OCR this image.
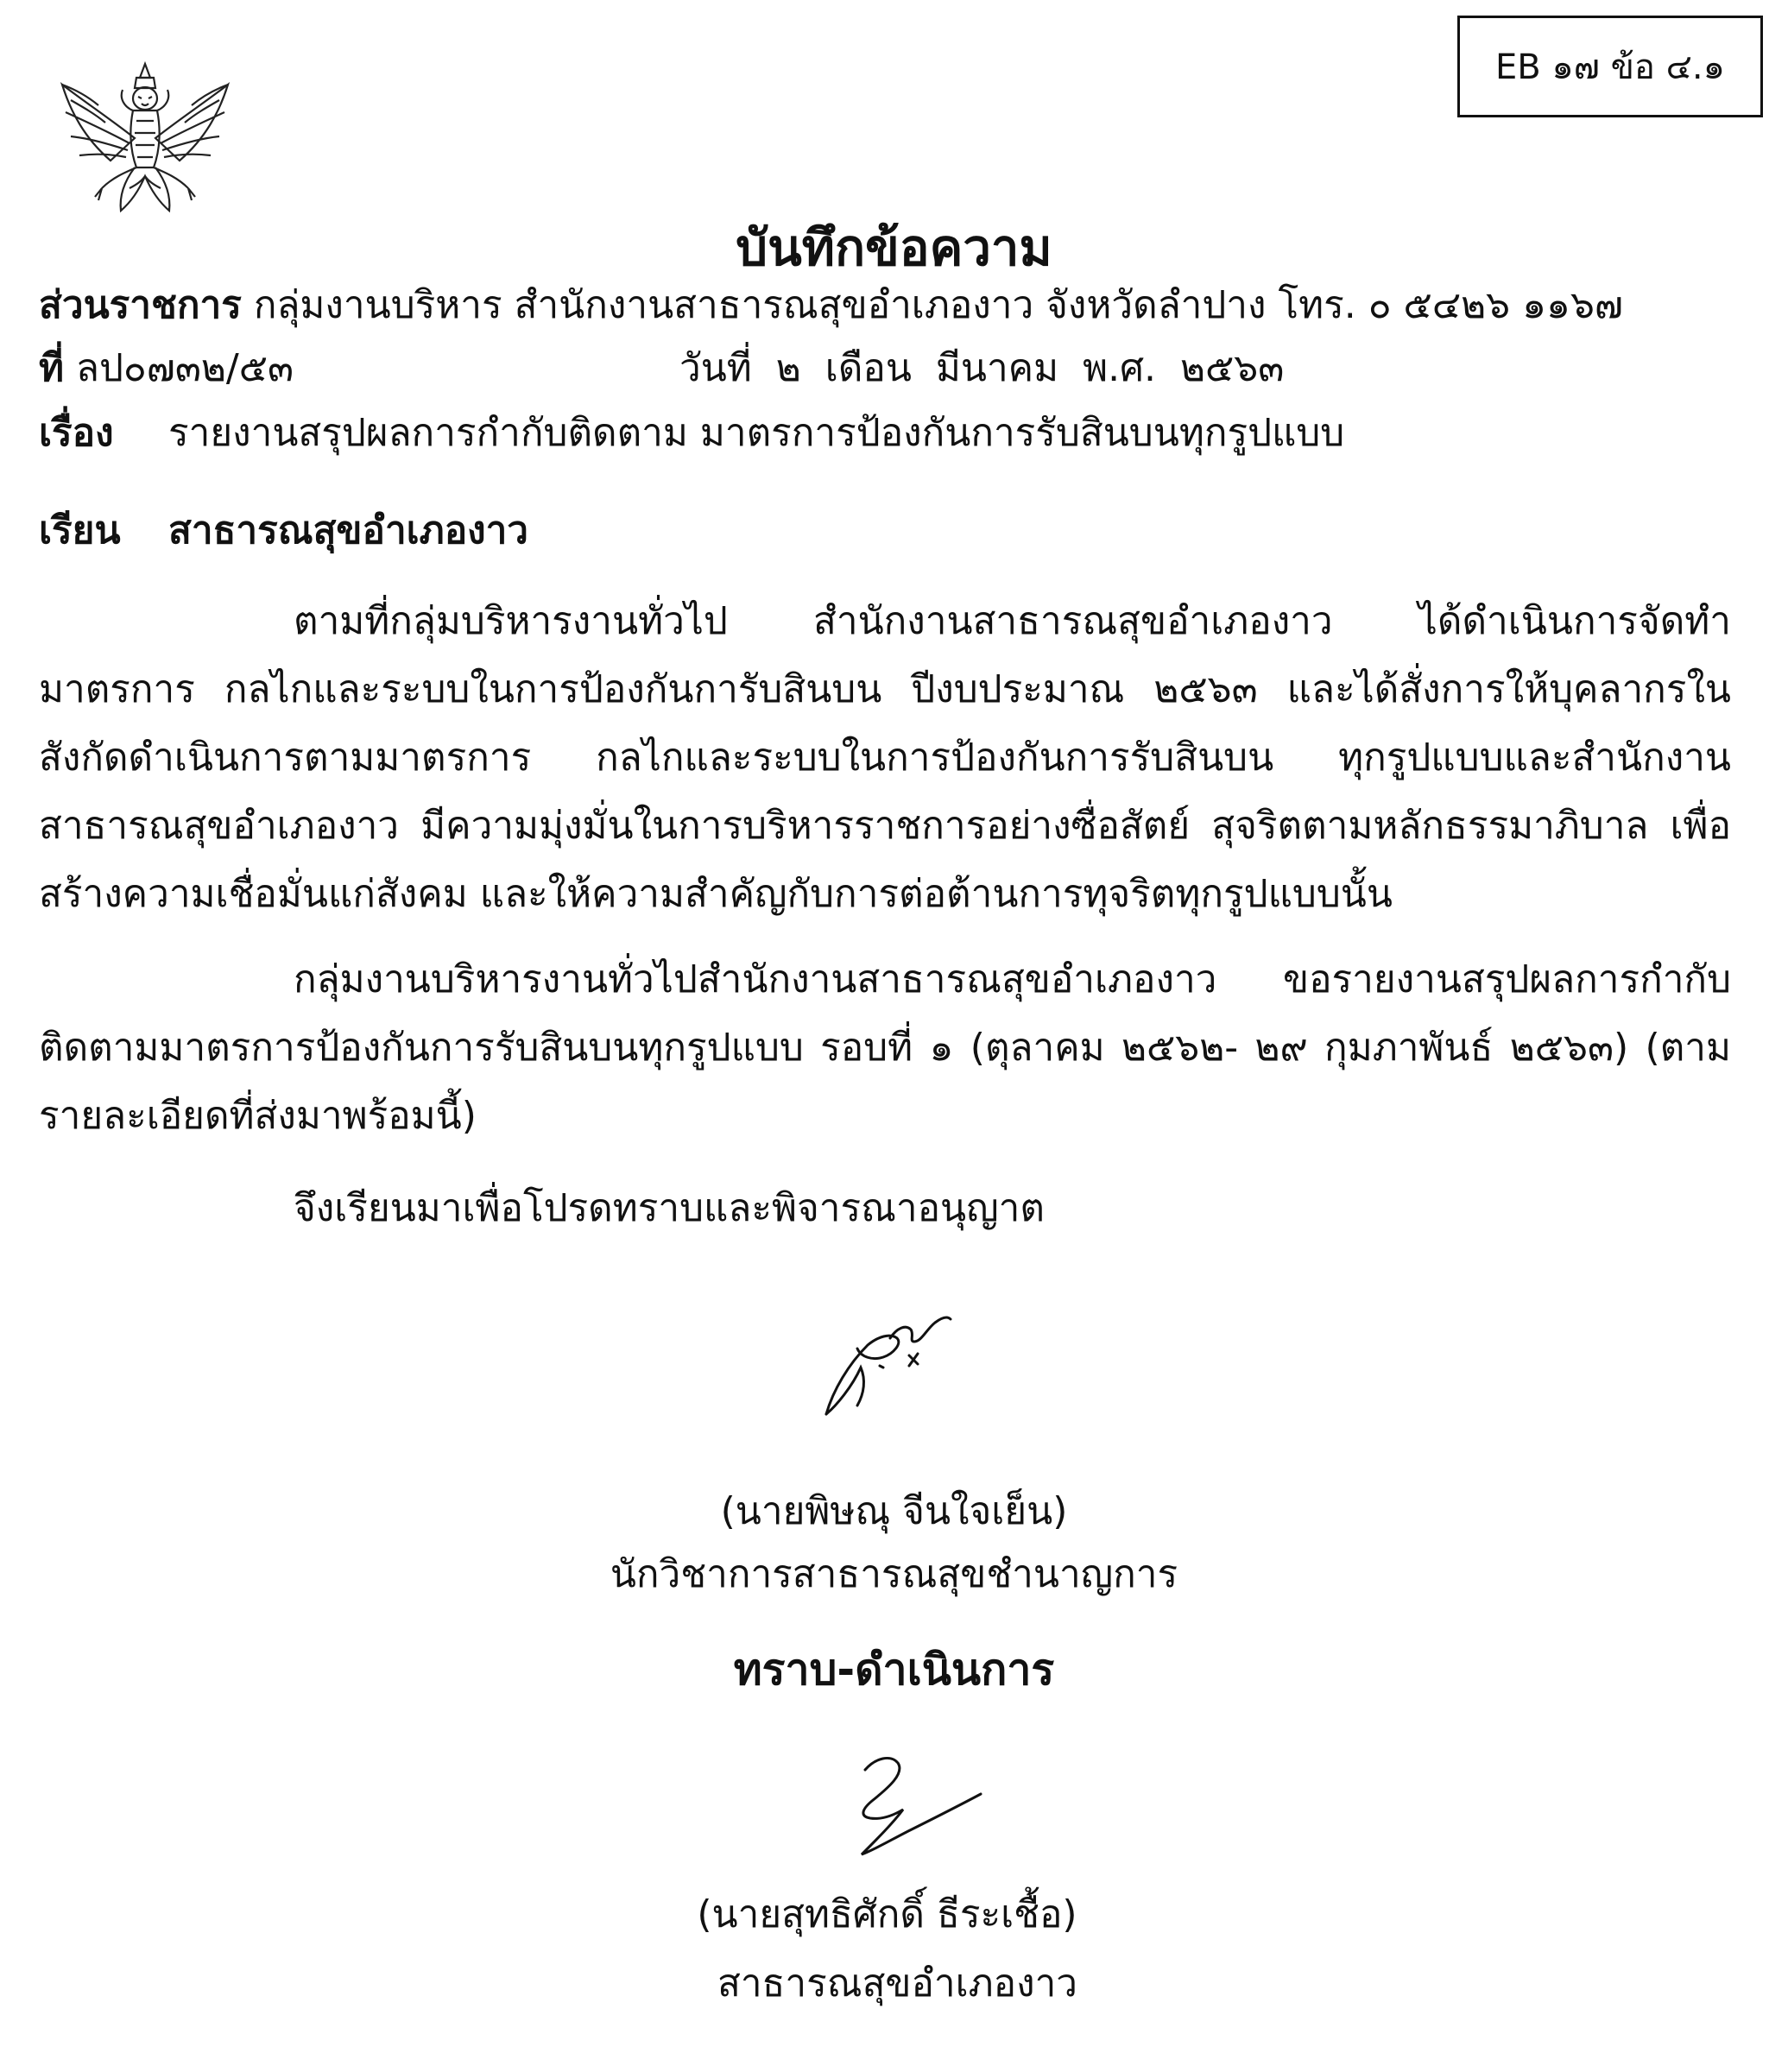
EB ๑๗ ข้อ ๔.๑
บันทึกข้อความ
ส่วนราชการ กลุ่มงานบริหาร สำนักงานสาธารณสุขอำเภองาว จังหวัดลำปาง โทร. ๐ ๕๔๒๖ ๑๑๖๗
ที่ ลป๐๗๓๒/๕๓	วันที่ ๒ เดือน มีนาคม พ.ศ. ๒๕๖๓
เรื่อง รายงานสรุปผลการกำกับติดตาม มาตรการป้องกันการรับสินบนทุกรูปแบบ
เรียน สาธารณสุขอำเภองาว
ตามที่กลุ่มบริหารงานทั่วไป สำนักงานสาธารณสุขอำเภองาว ได้ดำเนินการจัดทำมาตรการ กลไกและระบบในการป้องกันการับสินบน ปีงบประมาณ ๒๕๖๓ และได้สั่งการให้บุคลากรในสังกัดดำเนินการตามมาตรการ กลไกและระบบในการป้องกันการรับสินบน ทุกรูปแบบและสำนักงานสาธารณสุขอำเภองาว มีความมุ่งมั่นในการบริหารราชการอย่างซื่อสัตย์ สุจริตตามหลักธรรมาภิบาล เพื่อสร้างความเชื่อมั่นแก่สังคม และให้ความสำคัญกับการต่อต้านการทุจริตทุกรูปแบบนั้น
กลุ่มงานบริหารงานทั่วไปสำนักงานสาธารณสุขอำเภองาว ขอรายงานสรุปผลการกำกับติดตามมาตรการป้องกันการรับสินบนทุกรูปแบบ รอบที่ ๑ (ตุลาคม ๒๕๖๒- ๒๙ กุมภาพันธ์ ๒๕๖๓) (ตามรายละเอียดที่ส่งมาพร้อมนี้)
จึงเรียนมาเพื่อโปรดทราบและพิจารณาอนุญาต
(นายพิษณุ จีนใจเย็น)
นักวิชาการสาธารณสุขชำนาญการ
ทราบ-ดำเนินการ
(นายสุทธิศักดิ์ ธีระเชื้อ)
สาธารณสุขอำเภองาว
